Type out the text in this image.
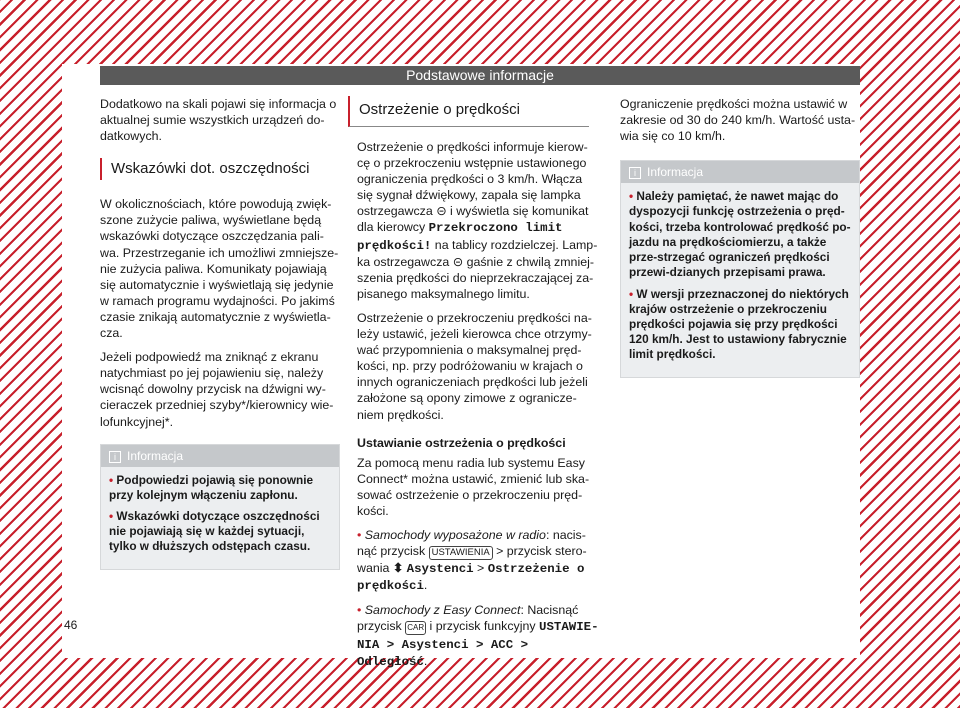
Podstawowe informacje

Dodatkowo na skali pojawi się informacja o aktualnej sumie wszystkich urządzeń do-datkowych.

Wskazówki dot. oszczędności

W okolicznościach, które powodują zwięk-szone zużycie paliwa, wyświetlane będą wskazówki dotyczące oszczędzania pali-wa. Przestrzeganie ich umożliwi zmniejsze-nie zużycia paliwa. Komunikaty pojawiają się automatycznie i wyświetlają się jedynie w ramach programu wydajności. Po jakimś czasie znikają automatycznie z wyświetla-cza.

Jeżeli podpowiedź ma zniknąć z ekranu natychmiast po jej pojawieniu się, należy wcisnąć dowolny przycisk na dźwigni wy-cieraczek przedniej szyby*/kierownicy wie-lofunkcyjnej*.

i Informacja

• Podpowiedzi pojawią się ponownie przy kolejnym włączeniu zapłonu.

• Wskazówki dotyczące oszczędności nie pojawiają się w każdej sytuacji, tylko w dłuższych odstępach czasu.

Ostrzeżenie o prędkości

Ostrzeżenie o prędkości informuje kierow-cę o przekroczeniu wstępnie ustawionego ograniczenia prędkości o 3 km/h. Włącza się sygnał dźwiękowy, zapala się lampka ostrzegawcza ⊝ i wyświetla się komunikat dla kierowcy Przekroczono limit prędkości! na tablicy rozdzielczej. Lamp-ka ostrzegawcza ⊝ gaśnie z chwilą zmniej-szenia prędkości do nieprzekraczającej za-pisanego maksymalnego limitu.

Ostrzeżenie o przekroczeniu prędkości na-leży ustawić, jeżeli kierowca chce otrzymy-wać przypomnienia o maksymalnej pręd-kości, np. przy podróżowaniu w krajach o innych ograniczeniach prędkości lub jeżeli założone są opony zimowe z ogranicze-niem prędkości.

Ustawianie ostrzeżenia o prędkości

Za pomocą menu radia lub systemu Easy Connect* można ustawić, zmienić lub ska-sować ostrzeżenie o przekroczeniu pręd-kości.

• Samochody wyposażone w radio: nacis-nąć przycisk USTAWIENIA > przycisk stero-wania ⬍ Asystenci > Ostrzeżenie o prędkości.

• Samochody z Easy Connect: Nacisnąć przycisk CAR i przycisk funkcyjny USTAWIE-NIA > Asystenci > ACC > Odległość.

Ograniczenie prędkości można ustawić w zakresie od 30 do 240 km/h. Wartość usta-wia się co 10 km/h.

i Informacja

• Należy pamiętać, że nawet mając do dyspozycji funkcję ostrzeżenia o pręd-kości, trzeba kontrolować prędkość po-jazdu na prędkościomierzu, a także prze-strzegać ograniczeń prędkości przewi-dzianych przepisami prawa.

• W wersji przeznaczonej do niektórych krajów ostrzeżenie o przekroczeniu prędkości pojawia się przy prędkości 120 km/h. Jest to ustawiony fabrycznie limit prędkości.

46
